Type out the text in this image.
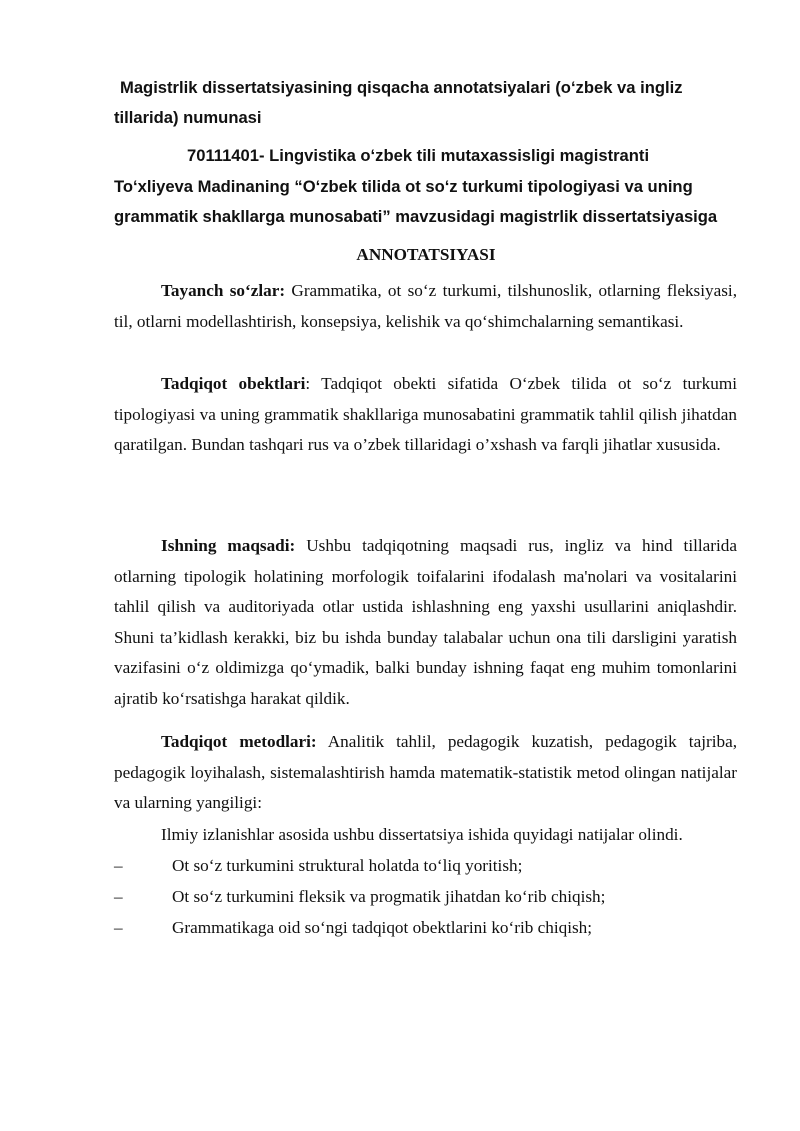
Magistrlik dissertatsiyasining qisqacha annotatsiyalari (o‘zbek va ingliz
tillarida) numunasi
70111401- Lingvistika o‘zbek tili mutaxassisligi magistranti
To‘xliyeva Madinaning “O‘zbek tilida ot so‘z turkumi tipologiyasi va uning
grammatik shakllarga munosabati” mavzusidagi magistrlik dissertatsiyasiga
ANNOTATSIYASI

Tayanch so‘zlar: Grammatika, ot so‘z turkumi, tilshunoslik, otlarning fleksiyasi, til, otlarni modellashtirish, konsepsiya, kelishik va qo‘shimchalarning semantikasi.

Tadqiqot obektlari: Tadqiqot obekti sifatida O‘zbek tilida ot so‘z turkumi tipologiyasi va uning grammatik shakllariga munosabatini grammatik tahlil qilish jihatdan qaratilgan. Bundan tashqari rus va o’zbek tillaridagi o’xshash va farqli jihatlar xususida.

Ishning maqsadi: Ushbu tadqiqotning maqsadi rus, ingliz va hind tillarida otlarning tipologik holatining morfologik toifalarini ifodalash ma'nolari va vositalarini tahlil qilish va auditoriyada otlar ustida ishlashning eng yaxshi usullarini aniqlashdir. Shuni ta’kidlash kerakki, biz bu ishda bunday talabalar uchun ona tili darsligini yaratish vazifasini o‘z oldimizga qo‘ymadik, balki bunday ishning faqat eng muhim tomonlarini ajratib ko‘rsatishga harakat qildik.

Tadqiqot metodlari: Analitik tahlil, pedagogik kuzatish, pedagogik tajriba, pedagogik loyihalash, sistemalashtirish hamda matematik-statistik metod olingan natijalar va ularning yangiligi:

Ilmiy izlanishlar asosida ushbu dissertatsiya ishida quyidagi natijalar olindi.

–	Ot so‘z turkumini struktural holatda to‘liq yoritish;
–	Ot so‘z turkumini fleksik va progmatik jihatdan ko‘rib chiqish;
–	Grammatikaga oid so‘ngi tadqiqot obektlarini ko‘rib chiqish;
